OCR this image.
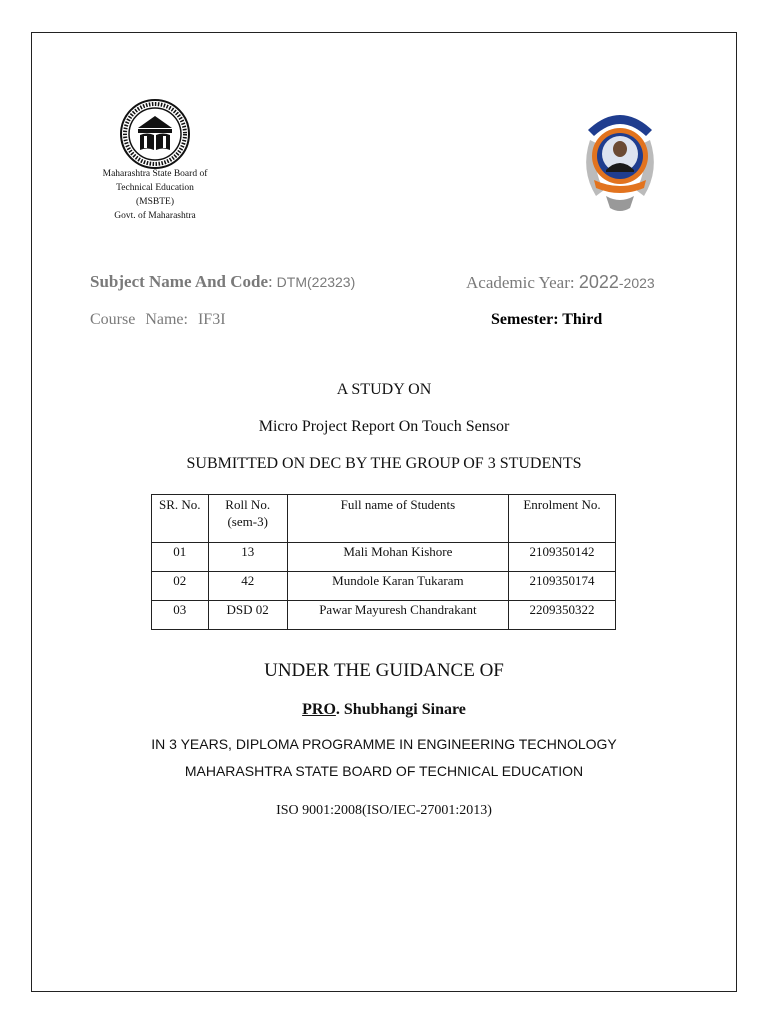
Maharashtra State Board of
Technical Education
(MSBTE)
Govt. of Maharashtra
Subject Name And Code: DTM(22323)	Academic Year: 2022-2023
Course Name: IF3I	Semester: Third
A STUDY ON
Micro Project Report On Touch Sensor
SUBMITTED ON DEC BY THE GROUP OF 3 STUDENTS
SR. No.	Roll No. (sem-3)	Full name of Students	Enrolment No.
01	13	Mali Mohan Kishore	2109350142
02	42	Mundole Karan Tukaram	2109350174
03	DSD 02	Pawar Mayuresh Chandrakant	2209350322
UNDER THE GUIDANCE OF
PRO. Shubhangi Sinare
IN 3 YEARS, DIPLOMA PROGRAMME IN ENGINEERING TECHNOLOGY
MAHARASHTRA STATE BOARD OF TECHNICAL EDUCATION
ISO 9001:2008(ISO/IEC-27001:2013)
